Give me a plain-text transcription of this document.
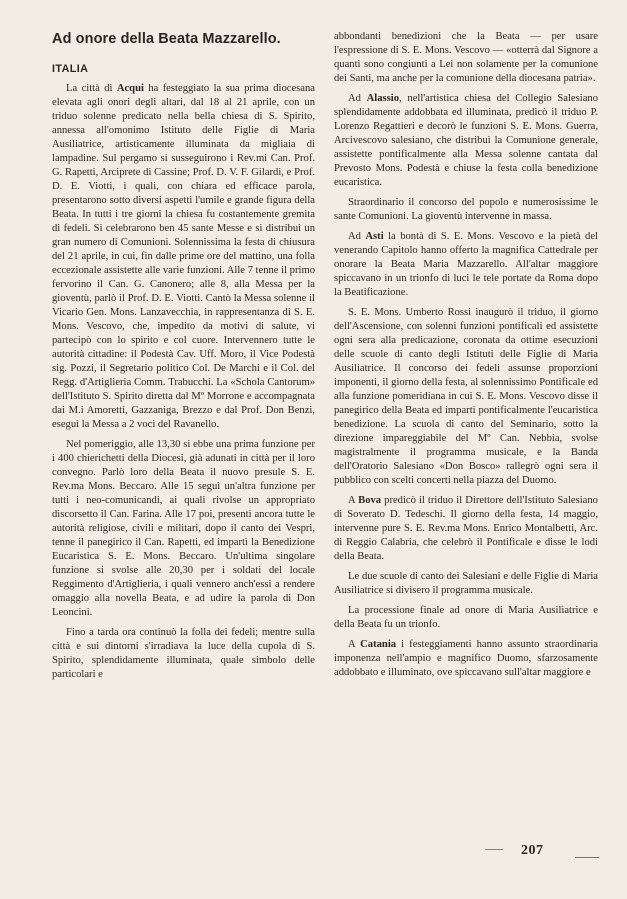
Ad onore della Beata Mazzarello.
ITALIA

La città di Acqui ha festeggiato la sua prima diocesana elevata agli onori degli altari, dal 18 al 21 aprile, con un triduo solenne predicato nella bella chiesa di S. Spirito, annessa all'omonimo Istituto delle Figlie di Maria Ausiliatrice, artisticamente illuminata da migliaia di lampadine. Sul pergamo si susseguirono i Rev.mi Can. Prof. G. Rapetti, Arciprete di Cassine; Prof. D. V. F. Gilardi, e Prof. D. E. Viotti, i quali, con chiara ed efficace parola, presentarono sotto diversi aspetti l'umile e grande figura della Beata. In tutti i tre giorni la chiesa fu costantemente gremita di fedeli. Si celebrarono ben 45 sante Messe e si distribuì un gran numero di Comunioni. Solennissima la festa di chiusura del 21 aprile, in cui, fin dalle prime ore del mattino, una folla eccezionale assistette alle varie funzioni. Alle 7 tenne il primo fervorino il Can. G. Canonero; alle 8, alla Messa per la gioventù, parlò il Prof. D. E. Viotti. Cantò la Messa solenne il Vicario Gen. Mons. Lanzavecchia, in rappresentanza di S. E. Mons. Vescovo, che, impedito da motivi di salute, vi partecipò con lo spirito e col cuore. Intervennero tutte le autorità cittadine: il Podestà Cav. Uff. Moro, il Vice Podestà sig. Pozzi, il Segretario politico Col. De Marchi e il Col. del Regg. d'Artiglieria Comm. Trabucchi. La «Schola Cantorum» dell'Istituto S. Spirito diretta dal Mº Morrone e accompagnata dai M.i Amoretti, Gazzaniga, Brezzo e dal Prof. Don Benzi, eseguì la Messa a 2 voci del Ravanello.

Nel pomeriggio, alle 13,30 si ebbe una prima funzione per i 400 chierichetti della Diocesi, già adunati in città per il loro convegno. Parlò loro della Beata il nuovo presule S. E. Rev.ma Mons. Beccaro. Alle 15 seguì un'altra funzione per tutti i neo-comunicandi, ai quali rivolse un appropriato discorsetto il Can. Farina. Alle 17 poi, presenti ancora tutte le autorità religiose, civili e militari, dopo il canto dei Vespri, tenne il panegirico il Can. Rapetti, ed impartì la Benedizione Eucaristica S. E. Mons. Beccaro. Un'ultima singolare funzione si svolse alle 20,30 per i soldati del locale Reggimento d'Artiglieria, i quali vennero anch'essi a rendere omaggio alla novella Beata, e ad udire la parola di Don Leoncini.

Fino a tarda ora continuò la folla dei fedeli; mentre sulla città e sui dintorni s'irradiava la luce della cupola di S. Spirito, splendidamente illuminata, quale simbolo delle particolari e

abbondanti benedizioni che la Beata — per usare l'espressione di S. E. Mons. Vescovo — «otterrà dal Signore a quanti sono congiunti a Lei non solamente per la comunione dei Santi, ma anche per la comunione della diocesana patria».

Ad Alassio, nell'artistica chiesa del Collegio Salesiano splendidamente addobbata ed illuminata, predicò il triduo P. Lorenzo Regattieri e decorò le funzioni S. E. Mons. Guerra, Arcivescovo salesiano, che distribuì la Comunione generale, assistette pontificalmente alla Messa solenne cantata dal Prevosto Mons. Podestà e chiuse la festa colla benedizione eucaristica.

Straordinario il concorso del popolo e numerosissime le sante Comunioni. La gioventù intervenne in massa.

Ad Asti la bontà di S. E. Mons. Vescovo e la pietà del venerando Capitolo hanno offerto la magnifica Cattedrale per onorare la Beata Maria Mazzarello. All'altar maggiore spiccavano in un trionfo di luci le tele portate da Roma dopo la Beatificazione.

S. E. Mons. Umberto Rossi inaugurò il triduo, il giorno dell'Ascensione, con solenni funzioni pontificali ed assistette ogni sera alla predicazione, coronata da ottime esecuzioni delle scuole di canto degli Istituti delle Figlie di Maria Ausiliatrice. Il concorso dei fedeli assunse proporzioni imponenti, il giorno della festa, al solennissimo Pontificale ed alla funzione pomeridiana in cui S. E. Mons. Vescovo disse il panegirico della Beata ed impartì pontificalmente l'eucaristica benedizione. La scuola di canto del Seminario, sotto la direzione impareggiabile del Mº Can. Nebbia, svolse magistralmente il programma musicale, e la Banda dell'Oratorio Salesiano «Don Bosco» rallegrò ogni sera il pubblico con scelti concerti nella piazza del Duomo.

A Bova predicò il triduo il Direttore dell'Istituto Salesiano di Soverato D. Tedeschi. Il giorno della festa, 14 maggio, intervenne pure S. E. Rev.ma Mons. Enrico Montalbetti, Arc. di Reggio Calabria, che celebrò il Pontificale e disse le lodi della Beata.

Le due scuole di canto dei Salesiani e delle Figlie di Maria Ausiliatrice si divisero il programma musicale.

La processione finale ad onore di Maria Ausiliatrice e della Beata fu un trionfo.

A Catania i festeggiamenti hanno assunto straordinaria imponenza nell'ampio e magnifico Duomo, sfarzosamente addobbato e illuminato, ove spiccavano sull'altar maggiore e

207
